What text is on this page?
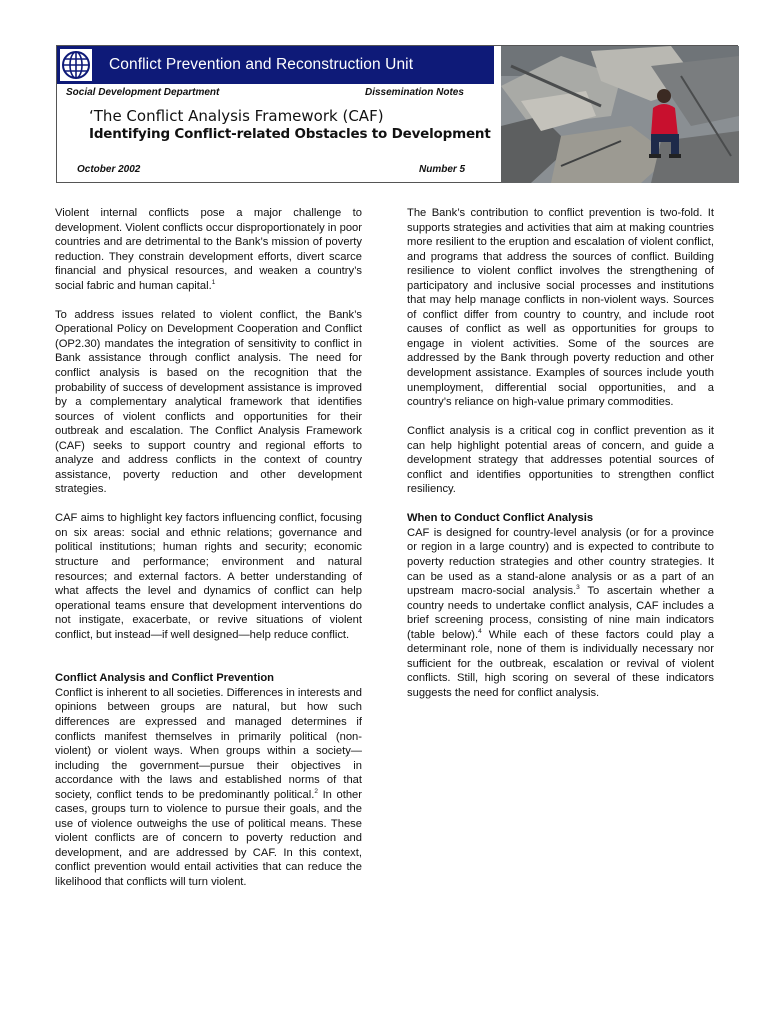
Conflict Prevention and Reconstruction Unit
Social Development Department	Dissemination Notes
‘The Conflict Analysis Framework (CAF)
Identifying Conflict-related Obstacles to Development
October 2002	Number 5

Violent internal conflicts pose a major challenge to development. Violent conflicts occur disproportionately in poor countries and are detrimental to the Bank’s mission of poverty reduction. They constrain development efforts, divert scarce financial and physical resources, and weaken a country’s social fabric and human capital.$^1$

To address issues related to violent conflict, the Bank’s Operational Policy on Development Cooperation and Conflict (OP2.30) mandates the integration of sensitivity to conflict in Bank assistance through conflict analysis. The need for conflict analysis is based on the recognition that the probability of success of development assistance is improved by a complementary analytical framework that identifies sources of violent conflicts and opportunities for their outbreak and escalation. The Conflict Analysis Framework (CAF) seeks to support country and regional efforts to analyze and address conflicts in the context of country assistance, poverty reduction and other development strategies.

CAF aims to highlight key factors influencing conflict, focusing on six areas: social and ethnic relations; governance and political institutions; human rights and security; economic structure and performance; environment and natural resources; and external factors. A better understanding of what affects the level and dynamics of conflict can help operational teams ensure that development interventions do not instigate, exacerbate, or revive situations of violent conflict, but instead—if well designed—help reduce conflict.

Conflict Analysis and Conflict Prevention

Conflict is inherent to all societies. Differences in interests and opinions between groups are natural, but how such differences are expressed and managed determines if conflicts manifest themselves in primarily political (non-violent) or violent ways. When groups within a society—including the government—pursue their objectives in accordance with the laws and established norms of that society, conflict tends to be predominantly political.$^2$ In other cases, groups turn to violence to pursue their goals, and the use of violence outweighs the use of political means. These violent conflicts are of concern to poverty reduction and development, and are addressed by CAF. In this context, conflict prevention would entail activities that can reduce the likelihood that conflicts will turn violent.

The Bank’s contribution to conflict prevention is two-fold. It supports strategies and activities that aim at making countries more resilient to the eruption and escalation of violent conflict, and programs that address the sources of conflict. Building resilience to violent conflict involves the strengthening of participatory and inclusive social processes and institutions that may help manage conflicts in non-violent ways. Sources of conflict differ from country to country, and include root causes of conflict as well as opportunities for groups to engage in violent activities. Some of the sources are addressed by the Bank through poverty reduction and other development assistance. Examples of sources include youth unemployment, differential social opportunities, and a country’s reliance on high-value primary commodities.

Conflict analysis is a critical cog in conflict prevention as it can help highlight potential areas of concern, and guide a development strategy that addresses potential sources of conflict and identifies opportunities to strengthen conflict resiliency.

When to Conduct Conflict Analysis

CAF is designed for country-level analysis (or for a province or region in a large country) and is expected to contribute to poverty reduction strategies and other country strategies. It can be used as a stand-alone analysis or as a part of an upstream macro-social analysis.$^3$ To ascertain whether a country needs to undertake conflict analysis, CAF includes a brief screening process, consisting of nine main indicators (table below).$^4$ While each of these factors could play a determinant role, none of them is individually necessary nor sufficient for the outbreak, escalation or revival of violent conflicts. Still, high scoring on several of these indicators suggests the need for conflict analysis.
